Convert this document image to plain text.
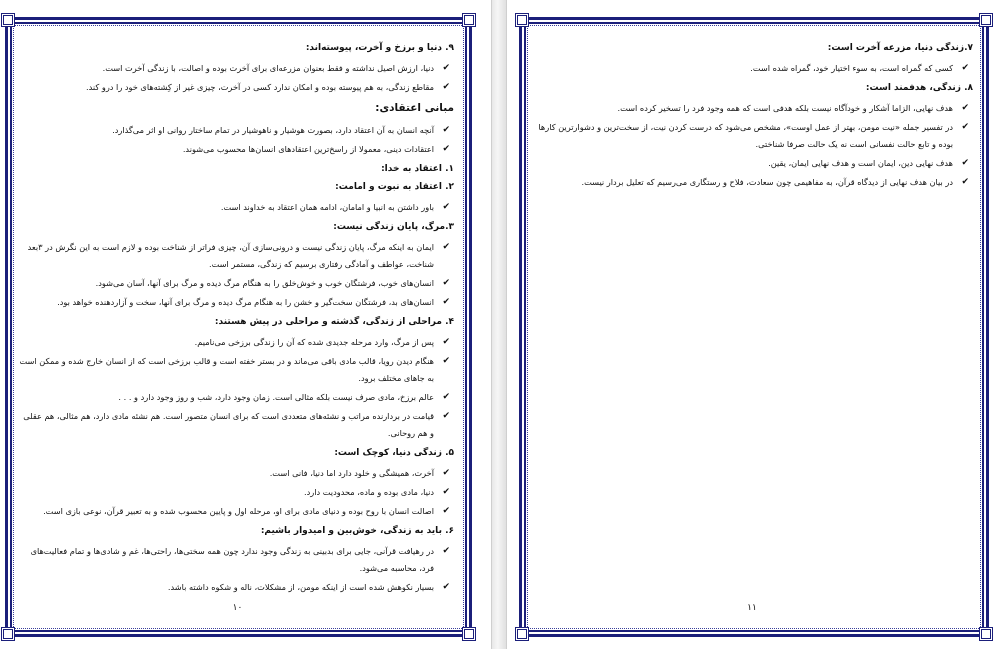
۹. دنیا و برزخ و آخرت، پیوسته‌اند:
✔
دنیا، ارزش اصیل نداشته و فقط بعنوان مزرعه‌ای برای آخرت بوده و اصالت، با زندگی آخرت است.
✔
مقاطع زندگی، به هم پیوسته بوده و امکان ندارد کسی در آخرت، چیزی غیر از کِشته‌های خود را درو کند.
مبانی اعتقادی:
✔
آنچه انسان به آن اعتقاد دارد، بصورت هوشیار و ناهوشیار در تمام ساختار روانی او اثر می‌گذارد.
✔
اعتقادات دینی، معمولا از راسخ‌ترین اعتقادهای انسان‌ها محسوب می‌شوند.
۱. اعتقاد به خدا:
۲. اعتقاد به نبوت و امامت:
✔
باور داشتن به انبیا و امامان، ادامه همان اعتقاد به خداوند است.
۳.مرگ، پایان زندگی نیست:
✔
ایمان به اینکه مرگ، پایان زندگی نیست و درونی‌سازی آن، چیزی فراتر از شناخت بوده و لازم است به این نگرش در ۳بعد شناخت، عواطف و آمادگی رفتاری برسیم که زندگی، مستمر است.
✔
انسان‌های خوب، فرشتگان خوب و خوش‌خلق را به هنگام مرگ دیده و مرگ برای آنها، آسان می‌شود.
✔
انسان‌های بد، فرشتگان سخت‌گیر و خشن را به هنگام مرگ دیده و مرگ برای آنها، سخت و آزاردهنده خواهد بود.
۴. مراحلی از زندگی، گذشته و مراحلی در پیش هستند:
✔
پس از مرگ، وارد مرحله جدیدی شده که آن را زندگی برزخی می‌نامیم.
✔
هنگام دیدن رویا، قالب مادی باقی می‌ماند و در بستر خفته است و قالب برزخی است که از انسان خارج شده و ممکن است به جاهای مختلف برود.
✔
عالم برزخ، مادی صرف نیست بلکه مثالی است. زمان وجود دارد، شب و روز وجود دارد و . . .
✔
قیامت در بردارنده مراتب و نشئه‌های متعددی است که برای انسان متصور است. هم نشئه مادی دارد، هم مثالی، هم عقلی و هم روحانی.
۵. زندگی دنیا، کوچک است:
✔
آخرت، همیشگی و خلود دارد اما دنیا، فانی است.
✔
دنیا، مادی بوده و ماده، محدودیت دارد.
✔
اصالت انسان با روح بوده و دنیای مادی برای او، مرحله اول و پایین محسوب شده و به تعبیر قرآن، نوعی بازی است.
۶. باید به زندگی، خوش‌بین و امیدوار باشیم:
✔
در رهیافت قرآنی، جایی برای بدبینی به زندگی وجود ندارد چون همه سختی‌ها، راحتی‌ها، غم و شادی‌ها و تمام فعالیت‌های فرد، محاسبه می‌شود.
✔
بسیار نکوهش شده است از اینکه مومن، از مشکلات، ناله و شکوه داشته باشد.
۱۰
۷.زندگی دنیا، مزرعه آخرت است:
✔
کسی که گمراه است، به سوء اختیار خود، گمراه شده است.
۸. زندگی، هدفمند است:
✔
هدف نهایی، الزاما آشکار و خودآگاه نیست بلکه هدفی است که همه وجود فرد را تسخیر کرده است.
✔
در تفسیر جمله «نیت مومن، بهتر از عمل اوست»، مشخص می‌شود که درست کردن نیت، از سخت‌ترین و دشوارترین کارها بوده و تابع حالت نفسانی است نه یک حالت صرفا شناختی.
✔
هدف نهایی دین، ایمان است و هدف نهایی ایمان، یقین.
✔
در بیان هدف نهایی از دیدگاه قرآن، به مفاهیمی چون سعادت، فلاح و رستگاری می‌رسیم که تعلیل بردار نیست.
۱۱
